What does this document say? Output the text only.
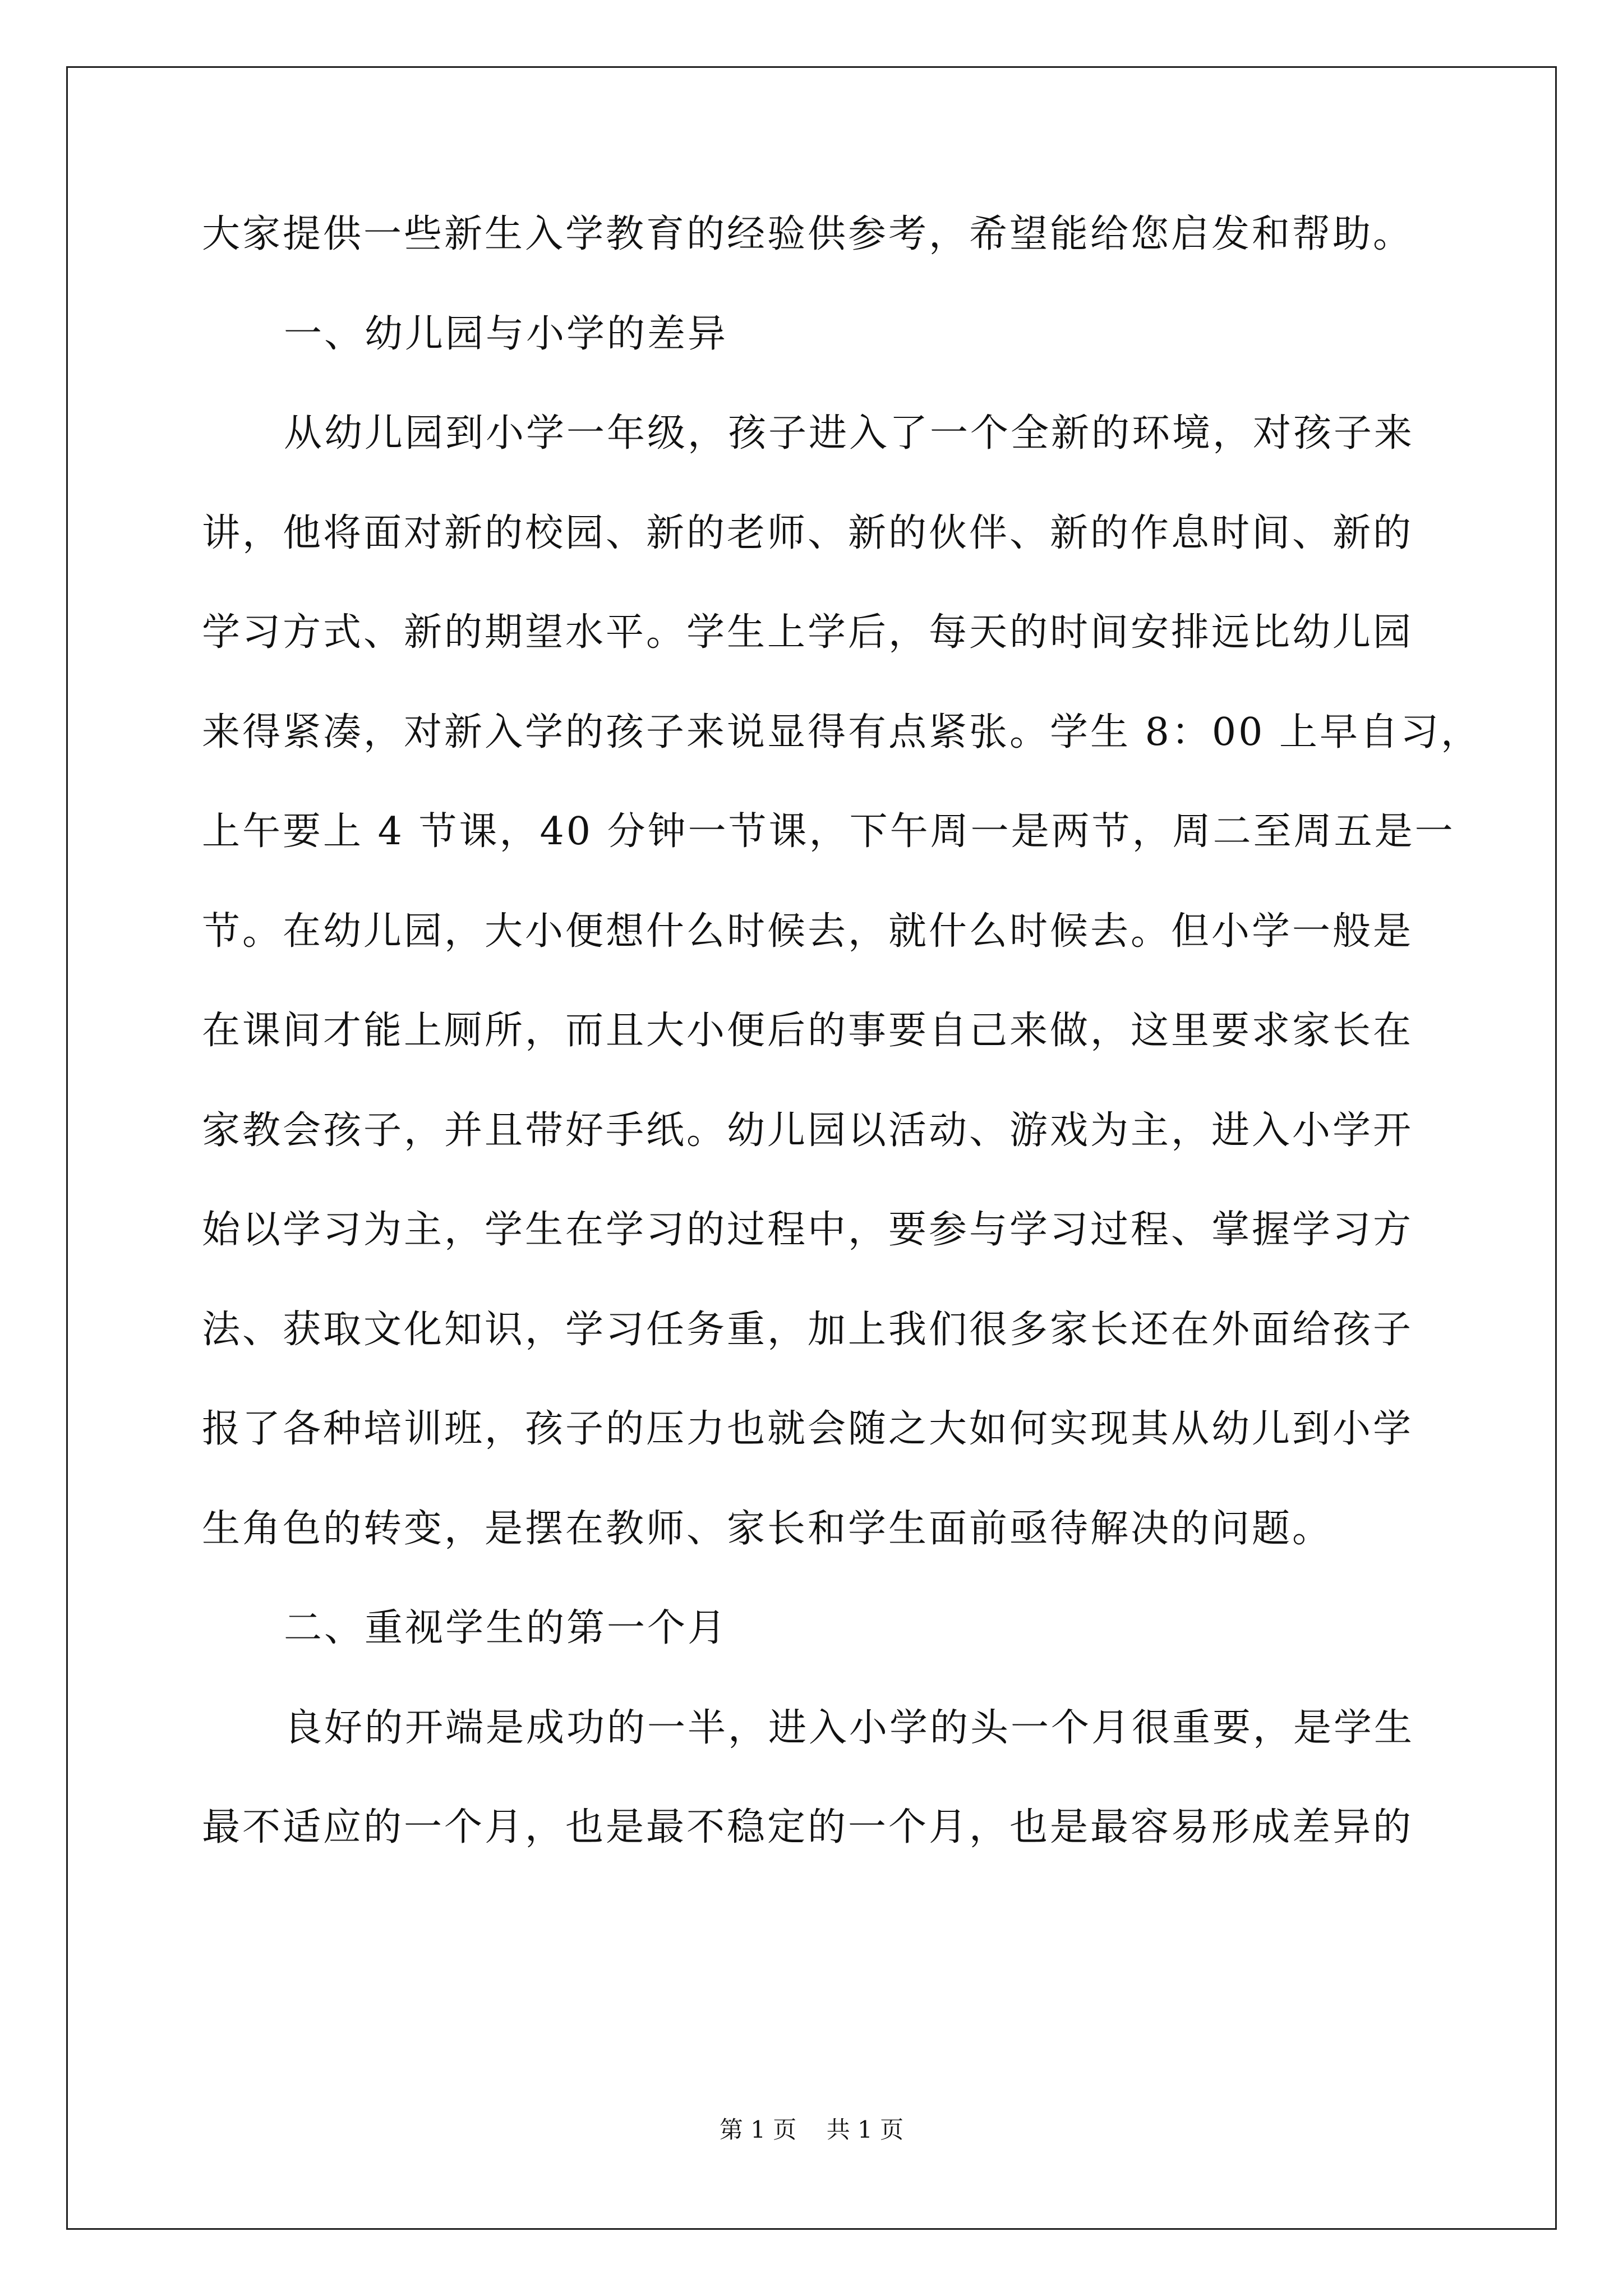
大家提供一些新生入学教育的经验供参考，希望能给您启发和帮助。
一、幼儿园与小学的差异
从幼儿园到小学一年级，孩子进入了一个全新的环境，对孩子来
讲，他将面对新的校园、新的老师、新的伙伴、新的作息时间、新的
学习方式、新的期望水平。学生上学后，每天的时间安排远比幼儿园
来得紧凑，对新入学的孩子来说显得有点紧张。学生 8：00 上早自习，
上午要上 4 节课，40 分钟一节课，下午周一是两节，周二至周五是一
节。在幼儿园，大小便想什么时候去，就什么时候去。但小学一般是
在课间才能上厕所，而且大小便后的事要自己来做，这里要求家长在
家教会孩子，并且带好手纸。幼儿园以活动、游戏为主，进入小学开
始以学习为主，学生在学习的过程中，要参与学习过程、掌握学习方
法、获取文化知识，学习任务重，加上我们很多家长还在外面给孩子
报了各种培训班，孩子的压力也就会随之大如何实现其从幼儿到小学
生角色的转变，是摆在教师、家长和学生面前亟待解决的问题。
二、重视学生的第一个月
良好的开端是成功的一半，进入小学的头一个月很重要，是学生
最不适应的一个月，也是最不稳定的一个月，也是最容易形成差异的
第 1 页    共 1 页
